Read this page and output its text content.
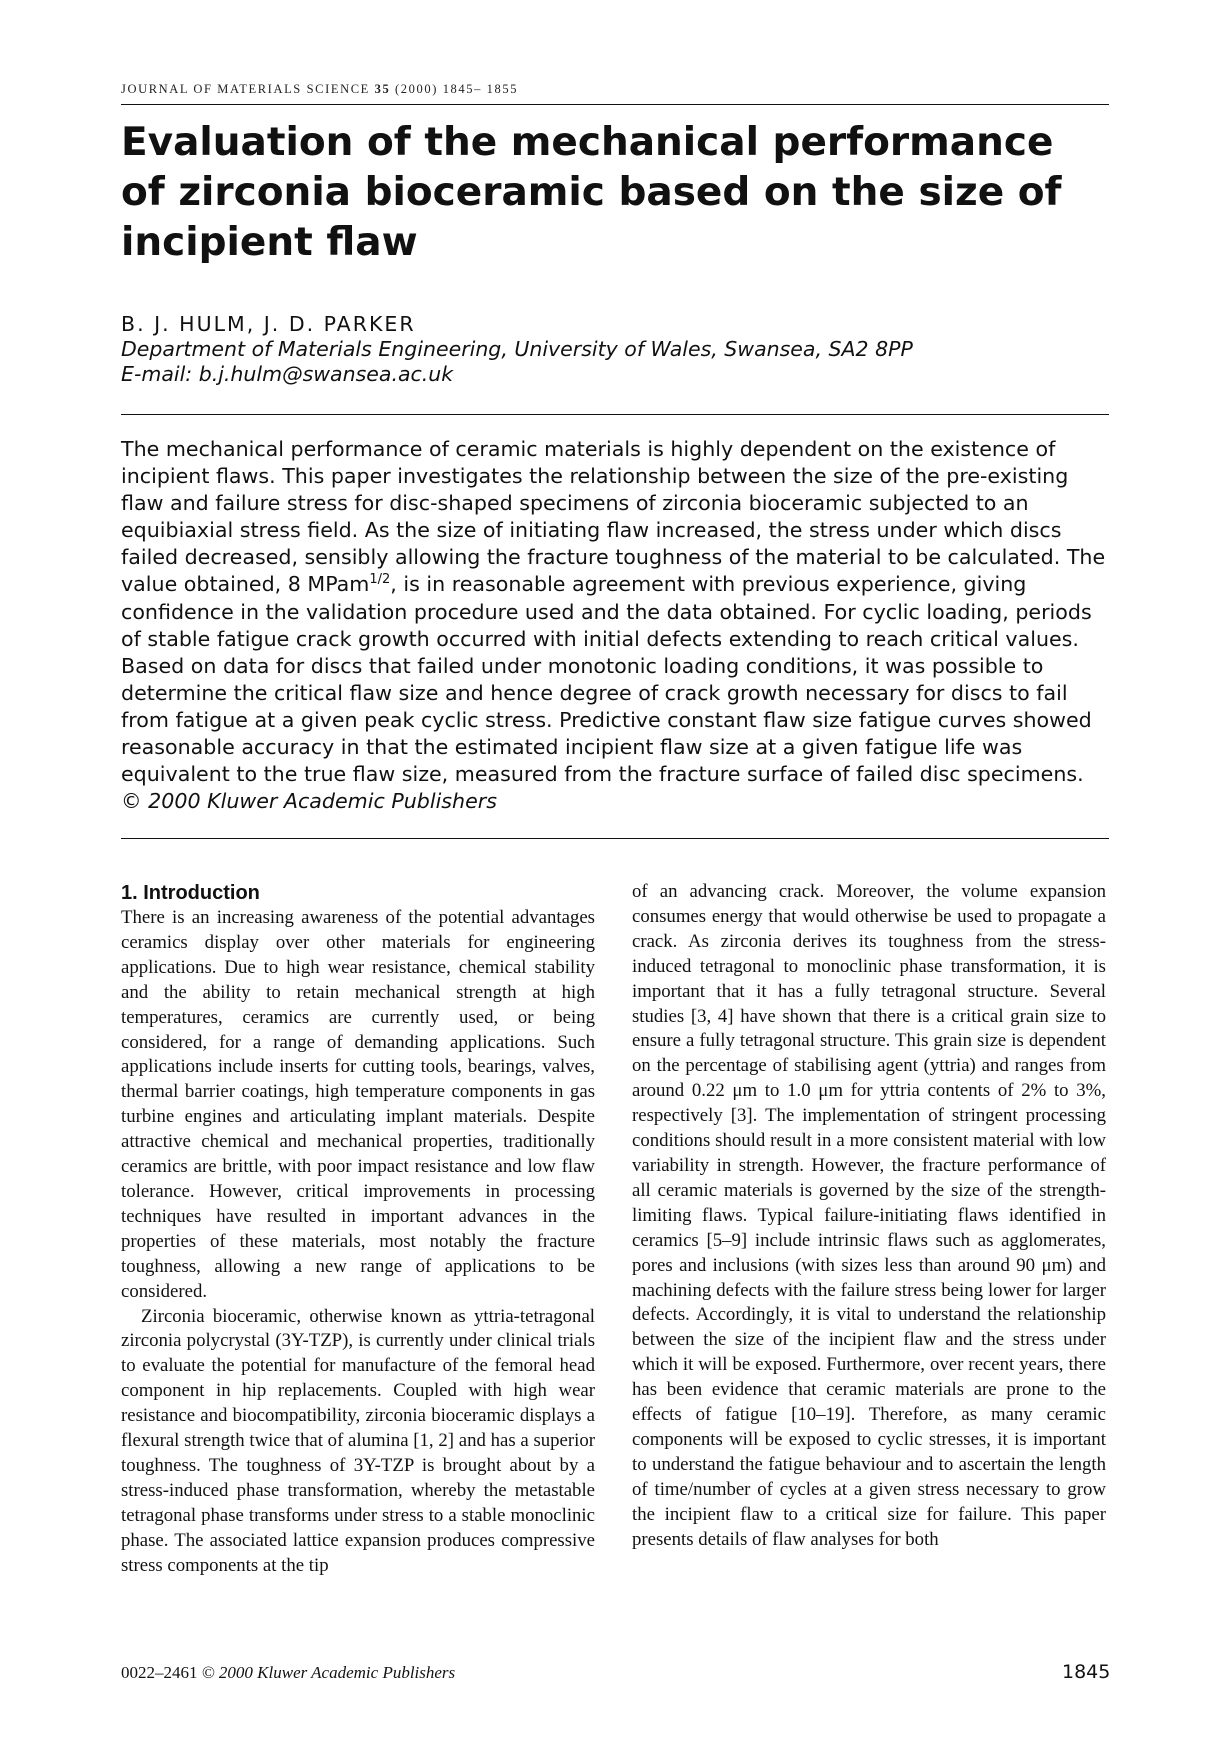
JOURNAL OF MATERIALS SCIENCE 35 (2000) 1845– 1855
Evaluation of the mechanical performance of zirconia bioceramic based on the size of incipient flaw
B. J. HULM, J. D. PARKER
Department of Materials Engineering, University of Wales, Swansea, SA2 8PP
E-mail: b.j.hulm@swansea.ac.uk

The mechanical performance of ceramic materials is highly dependent on the existence of incipient flaws. This paper investigates the relationship between the size of the pre-existing flaw and failure stress for disc-shaped specimens of zirconia bioceramic subjected to an equibiaxial stress field. As the size of initiating flaw increased, the stress under which discs failed decreased, sensibly allowing the fracture toughness of the material to be calculated. The value obtained, 8 MPam$^{1/2}$, is in reasonable agreement with previous experience, giving confidence in the validation procedure used and the data obtained. For cyclic loading, periods of stable fatigue crack growth occurred with initial defects extending to reach critical values. Based on data for discs that failed under monotonic loading conditions, it was possible to determine the critical flaw size and hence degree of crack growth necessary for discs to fail from fatigue at a given peak cyclic stress. Predictive constant flaw size fatigue curves showed reasonable accuracy in that the estimated incipient flaw size at a given fatigue life was equivalent to the true flaw size, measured from the fracture surface of failed disc specimens. © 2000 Kluwer Academic Publishers

1. Introduction

There is an increasing awareness of the potential advantages ceramics display over other materials for engineering applications. Due to high wear resistance, chemical stability and the ability to retain mechanical strength at high temperatures, ceramics are currently used, or being considered, for a range of demanding applications. Such applications include inserts for cutting tools, bearings, valves, thermal barrier coatings, high temperature components in gas turbine engines and articulating implant materials. Despite attractive chemical and mechanical properties, traditionally ceramics are brittle, with poor impact resistance and low flaw tolerance. However, critical improvements in processing techniques have resulted in important advances in the properties of these materials, most notably the fracture toughness, allowing a new range of applications to be considered.

Zirconia bioceramic, otherwise known as yttria-tetragonal zirconia polycrystal (3Y-TZP), is currently under clinical trials to evaluate the potential for manufacture of the femoral head component in hip replacements. Coupled with high wear resistance and biocompatibility, zirconia bioceramic displays a flexural strength twice that of alumina [1, 2] and has a superior toughness. The toughness of 3Y-TZP is brought about by a stress-induced phase transformation, whereby the metastable tetragonal phase transforms under stress to a stable monoclinic phase. The associated lattice expansion produces compressive stress components at the tip

of an advancing crack. Moreover, the volume expansion consumes energy that would otherwise be used to propagate a crack. As zirconia derives its toughness from the stress-induced tetragonal to monoclinic phase transformation, it is important that it has a fully tetragonal structure. Several studies [3, 4] have shown that there is a critical grain size to ensure a fully tetragonal structure. This grain size is dependent on the percentage of stabilising agent (yttria) and ranges from around 0.22 μm to 1.0 μm for yttria contents of 2% to 3%, respectively [3]. The implementation of stringent processing conditions should result in a more consistent material with low variability in strength. However, the fracture performance of all ceramic materials is governed by the size of the strength-limiting flaws. Typical failure-initiating flaws identified in ceramics [5–9] include intrinsic flaws such as agglomerates, pores and inclusions (with sizes less than around 90 μm) and machining defects with the failure stress being lower for larger defects. Accordingly, it is vital to understand the relationship between the size of the incipient flaw and the stress under which it will be exposed. Furthermore, over recent years, there has been evidence that ceramic materials are prone to the effects of fatigue [10–19]. Therefore, as many ceramic components will be exposed to cyclic stresses, it is important to understand the fatigue behaviour and to ascertain the length of time/number of cycles at a given stress necessary to grow the incipient flaw to a critical size for failure. This paper presents details of flaw analyses for both

0022–2461 © 2000 Kluwer Academic Publishers	1845
